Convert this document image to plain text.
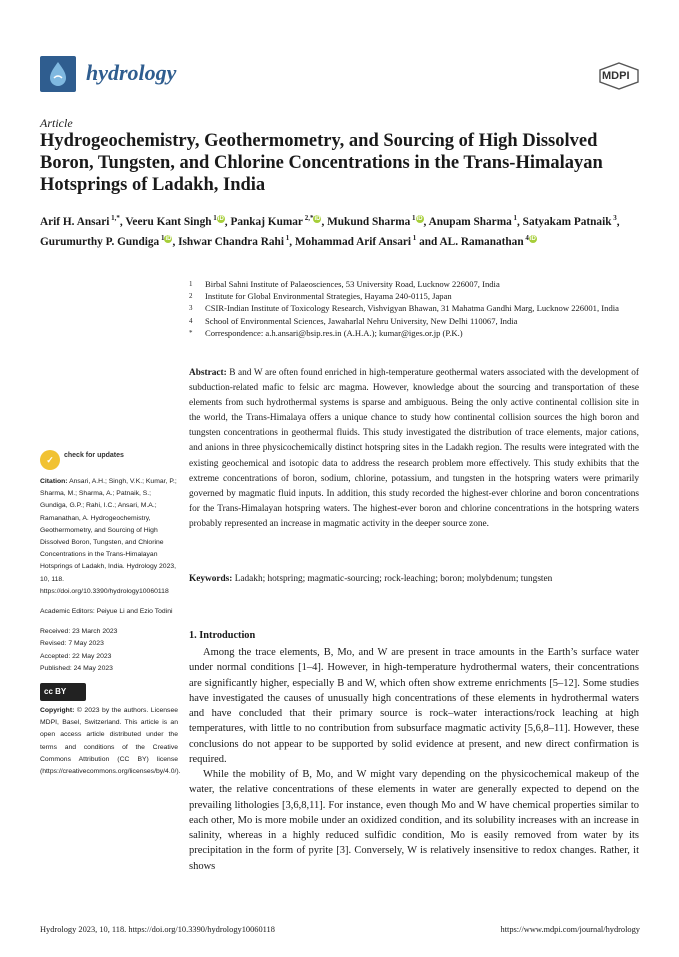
hydrology	MDPI
Article
Hydrogeochemistry, Geothermometry, and Sourcing of High Dissolved Boron, Tungsten, and Chlorine Concentrations in the Trans-Himalayan Hotsprings of Ladakh, India
Arif H. Ansari $^{1,*}$, Veeru Kant Singh $^1$iD, Pankaj Kumar $^{2,*}$iD, Mukund Sharma $^1$iD, Anupam Sharma $^1$, Satyakam Patnaik $^3$, Gurumurthy P. Gundiga $^1$iD, Ishwar Chandra Rahi $^1$, Mohammad Arif Ansari $^1$ and AL. Ramanathan $^4$iD
1 Birbal Sahni Institute of Palaeosciences, 53 University Road, Lucknow 226007, India
2 Institute for Global Environmental Strategies, Hayama 240-0115, Japan
3 CSIR-Indian Institute of Toxicology Research, Vishvigyan Bhawan, 31 Mahatma Gandhi Marg, Lucknow 226001, India
4 School of Environmental Sciences, Jawaharlal Nehru University, New Delhi 110067, India
* Correspondence: a.h.ansari@bsip.res.in (A.H.A.); kumar@iges.or.jp (P.K.)
Abstract: B and W are often found enriched in high-temperature geothermal waters associated with the development of subduction-related mafic to felsic arc magma. However, knowledge about the sourcing and transportation of these elements from such hydrothermal systems is sparse and ambiguous. Being the only active continental collision site in the world, the Trans-Himalaya offers a unique chance to study how continental collision sources the high boron and tungsten concentrations in geothermal fluids. This study investigated the distribution of trace elements, major cations, and anions in three physicochemically distinct hotspring sites in the Ladakh region. The results were integrated with the existing geochemical and isotopic data to address the research problem more effectively. This study exhibits that the extreme concentrations of boron, sodium, chlorine, potassium, and tungsten in the hotspring waters were primarily governed by magmatic fluid inputs. In addition, this study recorded the highest-ever chlorine and boron concentrations for the Trans-Himalayan hotspring waters. The highest-ever boron and chlorine concentrations in the hotspring waters probably represented an increase in magmatic activity in the deeper source zone.
Keywords: Ladakh; hotspring; magmatic-sourcing; rock-leaching; boron; molybdenum; tungsten
✓	check for updates
Citation: Ansari, A.H.; Singh, V.K.; Kumar, P.; Sharma, M.; Sharma, A.; Patnaik, S.; Gundiga, G.P.; Rahi, I.C.; Ansari, M.A.; Ramanathan, A. Hydrogeochemistry, Geothermometry, and Sourcing of High Dissolved Boron, Tungsten, and Chlorine Concentrations in the Trans-Himalayan Hotsprings of Ladakh, India. Hydrology 2023, 10, 118. https://doi.org/10.3390/hydrology10060118
Academic Editors: Peiyue Li and Ezio Todini
Received: 23 March 2023
Revised: 7 May 2023
Accepted: 22 May 2023
Published: 24 May 2023
cc BY
Copyright: © 2023 by the authors. Licensee MDPI, Basel, Switzerland. This article is an open access article distributed under the terms and conditions of the Creative Commons Attribution (CC BY) license (https://creativecommons.org/licenses/by/4.0/).
1. Introduction

Among the trace elements, B, Mo, and W are present in trace amounts in the Earth’s surface water under normal conditions [1–4]. However, in high-temperature hydrothermal waters, their concentrations are significantly higher, especially B and W, which often show extreme enrichments [5–12]. Some studies have investigated the causes of unusually high concentrations of these elements in hydrothermal waters and have concluded that their primary source is rock–water interactions/rock leaching at high temperatures, with little to no contribution from subsurface magmatic activity [5,6,8–11]. However, these conclusions do not appear to be supported by solid evidence at present, and new direct confirmation is required.

While the mobility of B, Mo, and W might vary depending on the physicochemical makeup of the water, the relative concentrations of these elements in water are generally expected to depend on the prevailing lithologies [3,6,8,11]. For instance, even though Mo and W have chemical properties similar to each other, Mo is more mobile under an oxidized condition, and its solubility increases with an increase in salinity, whereas in a highly reduced sulfidic condition, Mo is easily removed from water by its precipitation in the form of pyrite [3]. Conversely, W is relatively insensitive to redox changes. Rather, it shows

Hydrology 2023, 10, 118. https://doi.org/10.3390/hydrology10060118	https://www.mdpi.com/journal/hydrology
